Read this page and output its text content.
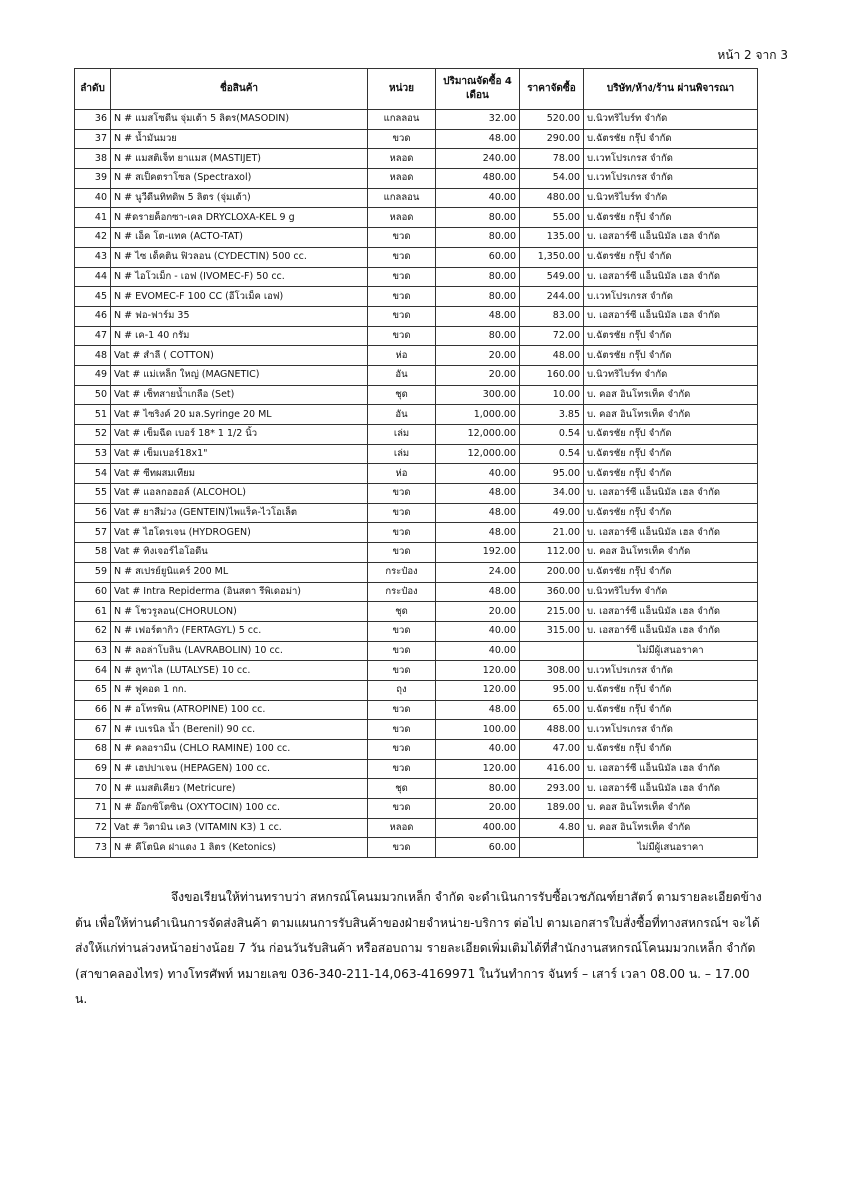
หน้า 2 จาก 3
ลำดับ	ชื่อสินค้า	หน่วย	ปริมาณจัดซื้อ 4 เดือน	ราคาจัดซื้อ	บริษัท/ห้าง/ร้าน ผ่านพิจารณา
36	N # แมสโซดีน จุ่มเต้า 5 ลิตร(MASODIN)	แกลลอน	32.00	520.00	บ.นิวทริไบร์ท จำกัด
37	N # น้ำมันมวย	ขวด	48.00	290.00	บ.ฉัตรชัย กรุ๊ป จำกัด
38	N # แมสติเจ็ท ยาแมส (MASTIJET)	หลอด	240.00	78.00	บ.เวทโปรเกรส จำกัด
39	N # สเป็คตราโซล (Spectraxol)	หลอด	480.00	54.00	บ.เวทโปรเกรส จำกัด
40	N # นูวีดีนทิทดิพ 5 ลิตร (จุ่มเต้า)	แกลลอน	40.00	480.00	บ.นิวทริไบร์ท จำกัด
41	N #ดรายค็อกซา-เคล DRYCLOXA-KEL 9 g	หลอด	80.00	55.00	บ.ฉัตรชัย กรุ๊ป จำกัด
42	N # เอ็ค โต-แทค (ACTO-TAT)	ขวด	80.00	135.00	บ. เอสอาร์ซี แอ็นนิมัล เฮล จำกัด
43	N # ไซ เด็คติน ฟิวลอน (CYDECTIN) 500 cc.	ขวด	60.00	1,350.00	บ.ฉัตรชัย กรุ๊ป จำกัด
44	N # ไอโวเม็ก - เอฟ (IVOMEC-F) 50 cc.	ขวด	80.00	549.00	บ. เอสอาร์ซี แอ็นนิมัล เฮล จำกัด
45	N # EVOMEC-F 100 CC (อีโวเม็ค เอฟ)	ขวด	80.00	244.00	บ.เวทโปรเกรส จำกัด
46	N # ฟอ-ฟาร์ม 35	ขวด	48.00	83.00	บ. เอสอาร์ซี แอ็นนิมัล เฮล จำกัด
47	N # เค-1 40 กรัม	ขวด	80.00	72.00	บ.ฉัตรชัย กรุ๊ป จำกัด
48	Vat # สำลี ( COTTON)	ห่อ	20.00	48.00	บ.ฉัตรชัย กรุ๊ป จำกัด
49	Vat # แม่เหล็ก ใหญ่ (MAGNETIC)	อัน	20.00	160.00	บ.นิวทริไบร์ท จำกัด
50	Vat # เซ็ทสายน้ำเกลือ (Set)	ชุด	300.00	10.00	บ. คอส อินโทรเท็ค จำกัด
51	Vat # ไซริงค์ 20 มล.Syringe 20 ML	อัน	1,000.00	3.85	บ. คอส อินโทรเท็ค จำกัด
52	Vat # เข็มฉีด เบอร์ 18* 1 1/2 นิ้ว	เล่ม	12,000.00	0.54	บ.ฉัตรชัย กรุ๊ป จำกัด
53	Vat # เข็มเบอร์18x1"	เล่ม	12,000.00	0.54	บ.ฉัตรชัย กรุ๊ป จำกัด
54	Vat # ซีทผสมเทียม	ห่อ	40.00	95.00	บ.ฉัตรชัย กรุ๊ป จำกัด
55	Vat # แอลกอฮอล์ (ALCOHOL)	ขวด	48.00	34.00	บ. เอสอาร์ซี แอ็นนิมัล เฮล จำกัด
56	Vat # ยาสีม่วง (GENTEIN)ไพแร็ค-ไวโอเล็ต	ขวด	48.00	49.00	บ.ฉัตรชัย กรุ๊ป จำกัด
57	Vat # ไฮโดรเจน (HYDROGEN)	ขวด	48.00	21.00	บ. เอสอาร์ซี แอ็นนิมัล เฮล จำกัด
58	Vat # ทิงเจอร์ไอโอดีน	ขวด	192.00	112.00	บ. คอส อินโทรเท็ค จำกัด
59	N # สเปรย์ยูนิแคร์ 200 ML	กระป๋อง	24.00	200.00	บ.ฉัตรชัย กรุ๊ป จำกัด
60	Vat # Intra Repiderma (อินสตา รีพิเดอม่า)	กระป๋อง	48.00	360.00	บ.นิวทริไบร์ท จำกัด
61	N # โชวรูลอน(CHORULON)	ชุด	20.00	215.00	บ. เอสอาร์ซี แอ็นนิมัล เฮล จำกัด
62	N # เฟอร์ตากิว (FERTAGYL) 5 cc.	ขวด	40.00	315.00	บ. เอสอาร์ซี แอ็นนิมัล เฮล จำกัด
63	N # ลอล่าโบลิน (LAVRABOLIN) 10 cc.	ขวด	40.00		ไม่มีผู้เสนอราคา
64	N # ลูทาไล (LUTALYSE) 10 cc.	ขวด	120.00	308.00	บ.เวทโปรเกรส จำกัด
65	N # ฟูคอด 1 กก.	ถุง	120.00	95.00	บ.ฉัตรชัย กรุ๊ป จำกัด
66	N # อโทรพิน (ATROPINE) 100 cc.	ขวด	48.00	65.00	บ.ฉัตรชัย กรุ๊ป จำกัด
67	N # เบเรนิล น้ำ (Berenil) 90 cc.	ขวด	100.00	488.00	บ.เวทโปรเกรส จำกัด
68	N # คลอรามีน (CHLO RAMINE) 100 cc.	ขวด	40.00	47.00	บ.ฉัตรชัย กรุ๊ป จำกัด
69	N # เฮปปาเจน (HEPAGEN) 100 cc.	ขวด	120.00	416.00	บ. เอสอาร์ซี แอ็นนิมัล เฮล จำกัด
70	N # แมสติเคียว (Metricure)	ชุด	80.00	293.00	บ. เอสอาร์ซี แอ็นนิมัล เฮล จำกัด
71	N # อ๊อกซิโตซิน (OXYTOCIN) 100 cc.	ขวด	20.00	189.00	บ. คอส อินโทรเท็ค จำกัด
72	Vat # วิตามิน เค3 (VITAMIN K3) 1 cc.	หลอด	400.00	4.80	บ. คอส อินโทรเท็ค จำกัด
73	N # คีโตนิค ฝาแดง 1 ลิตร (Ketonics)	ขวด	60.00		ไม่มีผู้เสนอราคา

จึงขอเรียนให้ท่านทราบว่า สหกรณ์โคนมมวกเหล็ก จำกัด จะดำเนินการรับซื้อเวชภัณฑ์ยาสัตว์ ตามรายละเอียดข้างต้น เพื่อให้ท่านดำเนินการจัดส่งสินค้า ตามแผนการรับสินค้าของฝ่ายจำหน่าย-บริการ ต่อไป ตามเอกสารใบสั่งซื้อที่ทางสหกรณ์ฯ จะได้ส่งให้แก่ท่านล่วงหน้าอย่างน้อย 7 วัน ก่อนวันรับสินค้า หรือสอบถาม รายละเอียดเพิ่มเติมได้ที่สำนักงานสหกรณ์โคนมมวกเหล็ก จำกัด (สาขาคลองไทร) ทางโทรศัพท์ หมายเลข 036-340-211-14,063-4169971 ในวันทำการ จันทร์ – เสาร์ เวลา 08.00 น. – 17.00 น.
